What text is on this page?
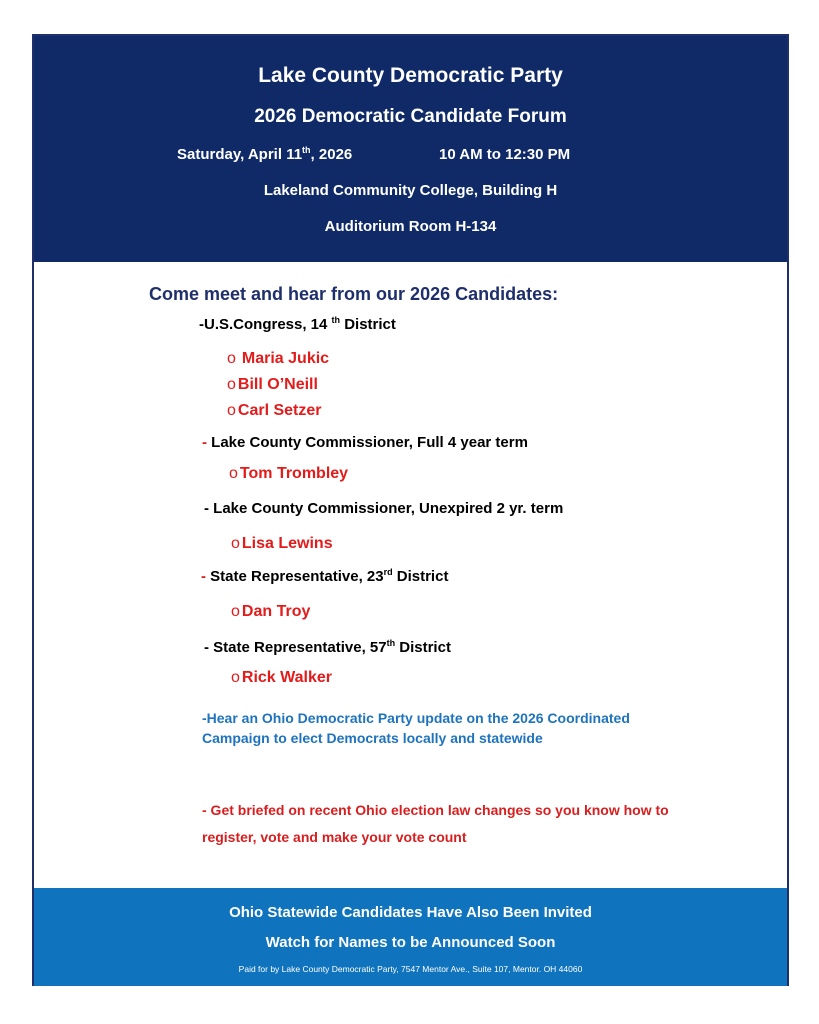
Lake County Democratic Party
2026 Democratic Candidate Forum
Saturday, April 11th, 2026	10 AM to 12:30 PM
Lakeland Community College, Building H
Auditorium Room H-134
Come meet and hear from our 2026 Candidates:
-U.S.Congress, 14 $^{th}$ District
o Maria Jukic
o Bill O’Neill
o Carl Setzer
- Lake County Commissioner, Full 4 year term
o Tom Trombley
- Lake County Commissioner, Unexpired 2 yr. term
o Lisa Lewins
- State Representative, 23rd District
o Dan Troy
- State Representative, 57th District
o Rick Walker
-Hear an Ohio Democratic Party update on the 2026 Coordinated Campaign to elect Democrats locally and statewide
- Get briefed on recent Ohio election law changes so you know how to register, vote and make your vote count
Ohio Statewide Candidates Have Also Been Invited
Watch for Names to be Announced Soon
Paid for by Lake County Democratic Party, 7547 Mentor Ave., Suite 107, Mentor. OH 44060
